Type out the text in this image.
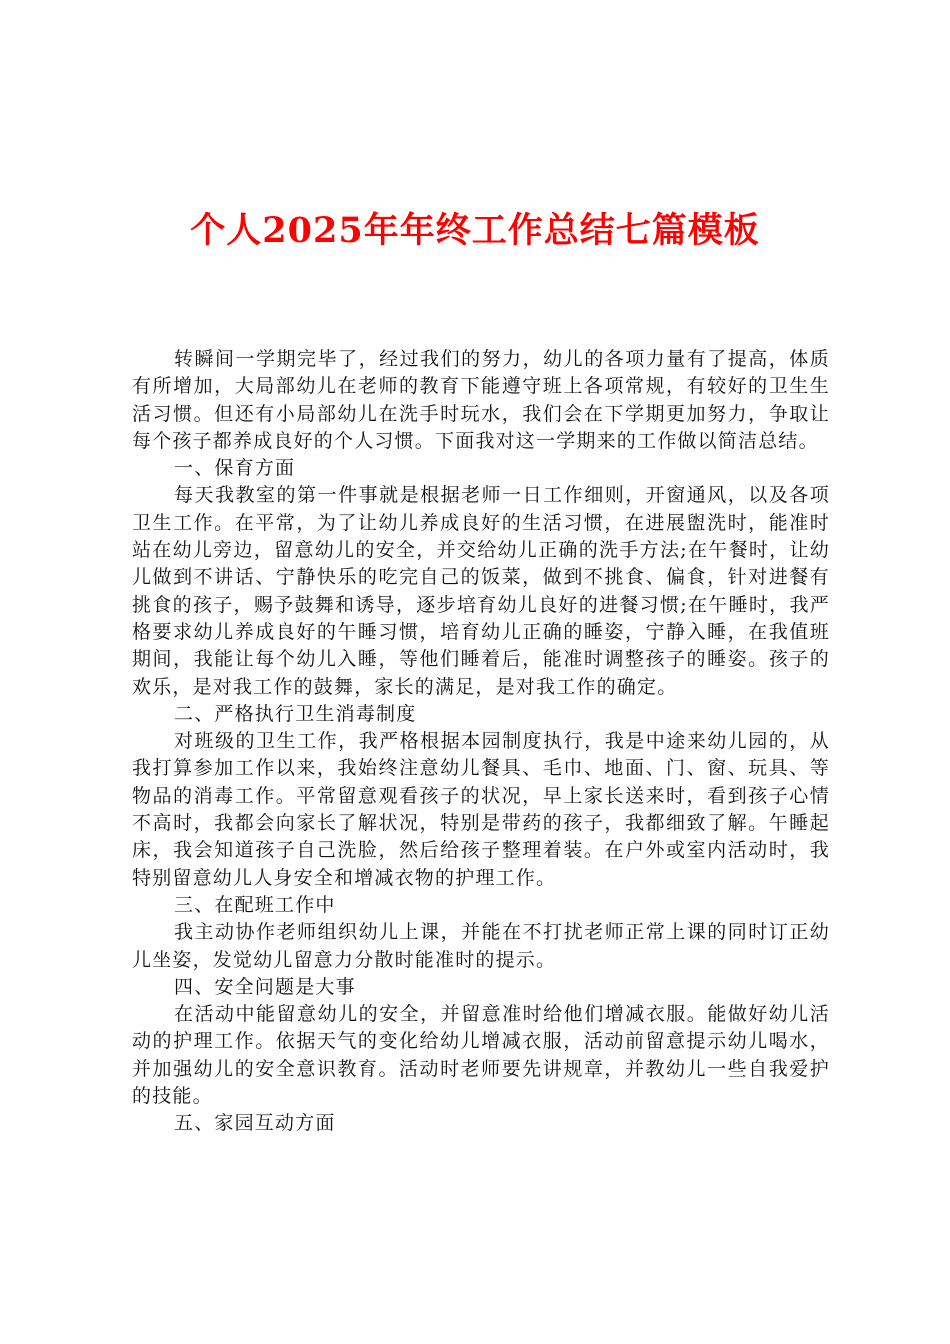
个人2025年年终工作总结七篇模板

转瞬间一学期完毕了，经过我们的努力，幼儿的各项力量有了提高，体质有所增加，大局部幼儿在老师的教育下能遵守班上各项常规，有较好的卫生生活习惯。但还有小局部幼儿在洗手时玩水，我们会在下学期更加努力，争取让每个孩子都养成良好的个人习惯。下面我对这一学期来的工作做以简洁总结。

一、保育方面

每天我教室的第一件事就是根据老师一日工作细则，开窗通风，以及各项卫生工作。在平常，为了让幼儿养成良好的生活习惯，在进展盥洗时，能准时站在幼儿旁边，留意幼儿的安全，并交给幼儿正确的洗手方法;在午餐时，让幼儿做到不讲话、宁静快乐的吃完自己的饭菜，做到不挑食、偏食，针对进餐有挑食的孩子，赐予鼓舞和诱导，逐步培育幼儿良好的进餐习惯;在午睡时，我严格要求幼儿养成良好的午睡习惯，培育幼儿正确的睡姿，宁静入睡，在我值班期间，我能让每个幼儿入睡，等他们睡着后，能准时调整孩子的睡姿。孩子的欢乐，是对我工作的鼓舞，家长的满足，是对我工作的确定。

二、严格执行卫生消毒制度

对班级的卫生工作，我严格根据本园制度执行，我是中途来幼儿园的，从我打算参加工作以来，我始终注意幼儿餐具、毛巾、地面、门、窗、玩具、等物品的消毒工作。平常留意观看孩子的状况，早上家长送来时，看到孩子心情不高时，我都会向家长了解状况，特别是带药的孩子，我都细致了解。午睡起床，我会知道孩子自己洗脸，然后给孩子整理着装。在户外或室内活动时，我特别留意幼儿人身安全和增减衣物的护理工作。

三、在配班工作中

我主动协作老师组织幼儿上课，并能在不打扰老师正常上课的同时订正幼儿坐姿，发觉幼儿留意力分散时能准时的提示。

四、安全问题是大事

在活动中能留意幼儿的安全，并留意准时给他们增减衣服。能做好幼儿活动的护理工作。依据天气的变化给幼儿增减衣服，活动前留意提示幼儿喝水，并加强幼儿的安全意识教育。活动时老师要先讲规章，并教幼儿一些自我爱护的技能。

五、家园互动方面
